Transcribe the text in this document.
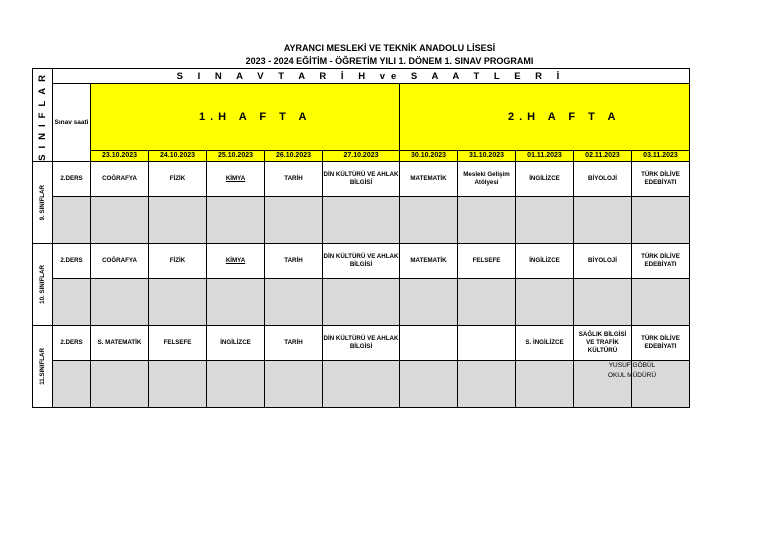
AYRANCI MESLEKİ VE TEKNİK ANADOLU LİSESİ
2023 - 2024 EĞİTİM - ÖĞRETİM YILI 1. DÖNEM 1. SINAV PROGRAMI
SINIFLAR	S I N A V T A R İ H ve S A A T L E R İ										
	Sınav saati	1.H A F T A					2.H A F T A				
		23.10.2023	24.10.2023	25.10.2023	26.10.2023	27.10.2023	30.10.2023	31.10.2023	01.11.2023	02.11.2023	03.11.2023

9. SINIFLAR	2.DERS	COĞRAFYA	FİZİK	KİMYA	TARİH	DİN KÜLTÜRÜ VE AHLAK BİLGİSİ	MATEMATİK	Mesleki Gelişim Atölyesi	İNGİLİZCE	BİYOLOJİ	TÜRK DİLİVE EDEBİYATI

10. SINIFLAR	2.DERS	COĞRAFYA	FİZİK	KİMYA	TARİH	DİN KÜLTÜRÜ VE AHLAK BİLGİSİ	MATEMATİK	FELSEFE	İNGİLİZCE	BİYOLOJİ	TÜRK DİLİVE EDEBİYATI

11.SINIFLAR	2.DERS	S. MATEMATİK	FELSEFE	İNGİLİZCE	TARİH	DİN KÜLTÜRÜ VE AHLAK BİLGİSİ			S. İNGİLİZCE	SAĞLIK BİLGİSİ VE TRAFİK KÜLTÜRÜ	TÜRK DİLİVE EDEBİYATI

YUSUF GÖBÜL
OKUL MÜDÜRÜ
